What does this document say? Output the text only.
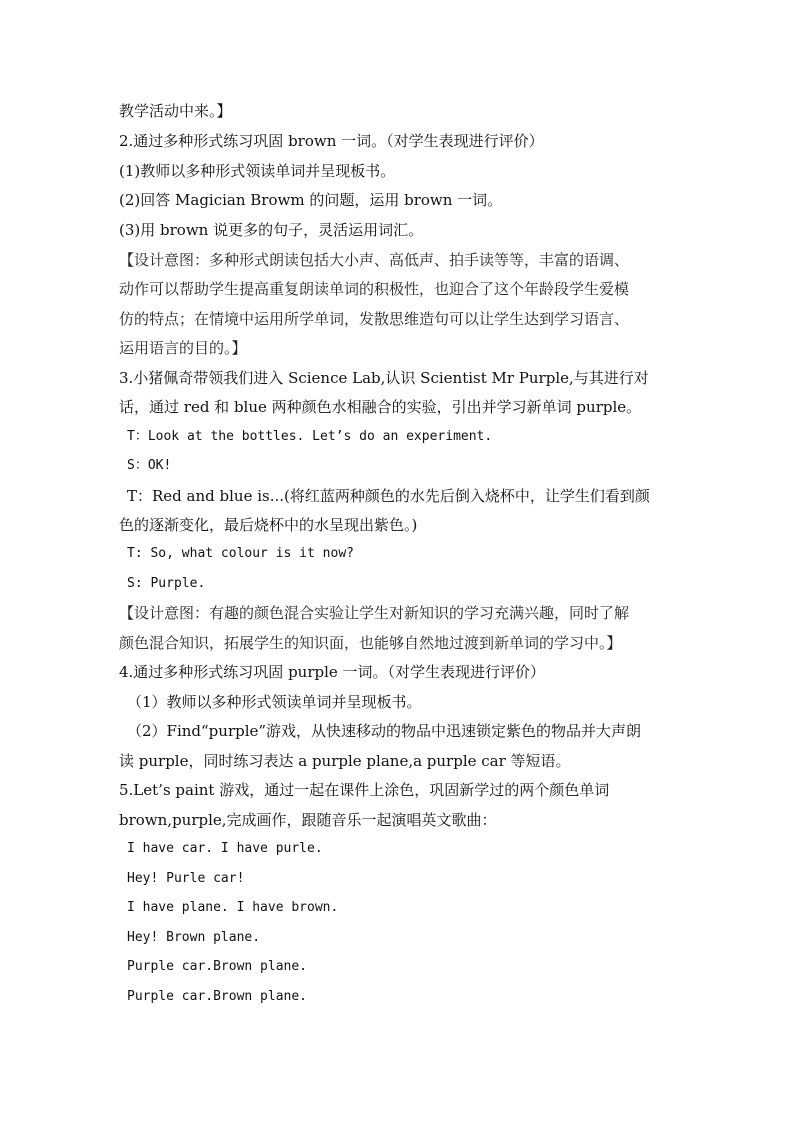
教学活动中来。】
2.通过多种形式练习巩固 brown 一词。（对学生表现进行评价）
(1)教师以多种形式领读单词并呈现板书。
(2)回答 Magician Browm 的问题，运用 brown 一词。
(3)用 brown 说更多的句子，灵活运用词汇。
【设计意图：多种形式朗读包括大小声、高低声、拍手读等等，丰富的语调、
动作可以帮助学生提高重复朗读单词的积极性，也迎合了这个年龄段学生爱模
仿的特点；在情境中运用所学单词，发散思维造句可以让学生达到学习语言、
运用语言的目的。】
3.小猪佩奇带领我们进入 Science Lab,认识 Scientist Mr Purple,与其进行对
话，通过 red 和 blue 两种颜色水相融合的实验，引出并学习新单词 purple。
T：Look at the bottles. Let’s do an experiment.
S：OK!
T：Red and blue is...(将红蓝两种颜色的水先后倒入烧杯中，让学生们看到颜
色的逐渐变化，最后烧杯中的水呈现出紫色。)
T: So, what colour is it now?
S: Purple.
【设计意图：有趣的颜色混合实验让学生对新知识的学习充满兴趣，同时了解
颜色混合知识，拓展学生的知识面，也能够自然地过渡到新单词的学习中。】
4.通过多种形式练习巩固 purple 一词。（对学生表现进行评价）
（1）教师以多种形式领读单词并呈现板书。
（2）Find“purple”游戏，从快速移动的物品中迅速锁定紫色的物品并大声朗
读 purple，同时练习表达 a purple plane,a purple car 等短语。
5.Let’s paint 游戏，通过一起在课件上涂色，巩固新学过的两个颜色单词
brown,purple,完成画作，跟随音乐一起演唱英文歌曲：
I have car. I have purle.
Hey! Purle car!
I have plane. I have brown.
Hey! Brown plane.
Purple car.Brown plane.
Purple car.Brown plane.
